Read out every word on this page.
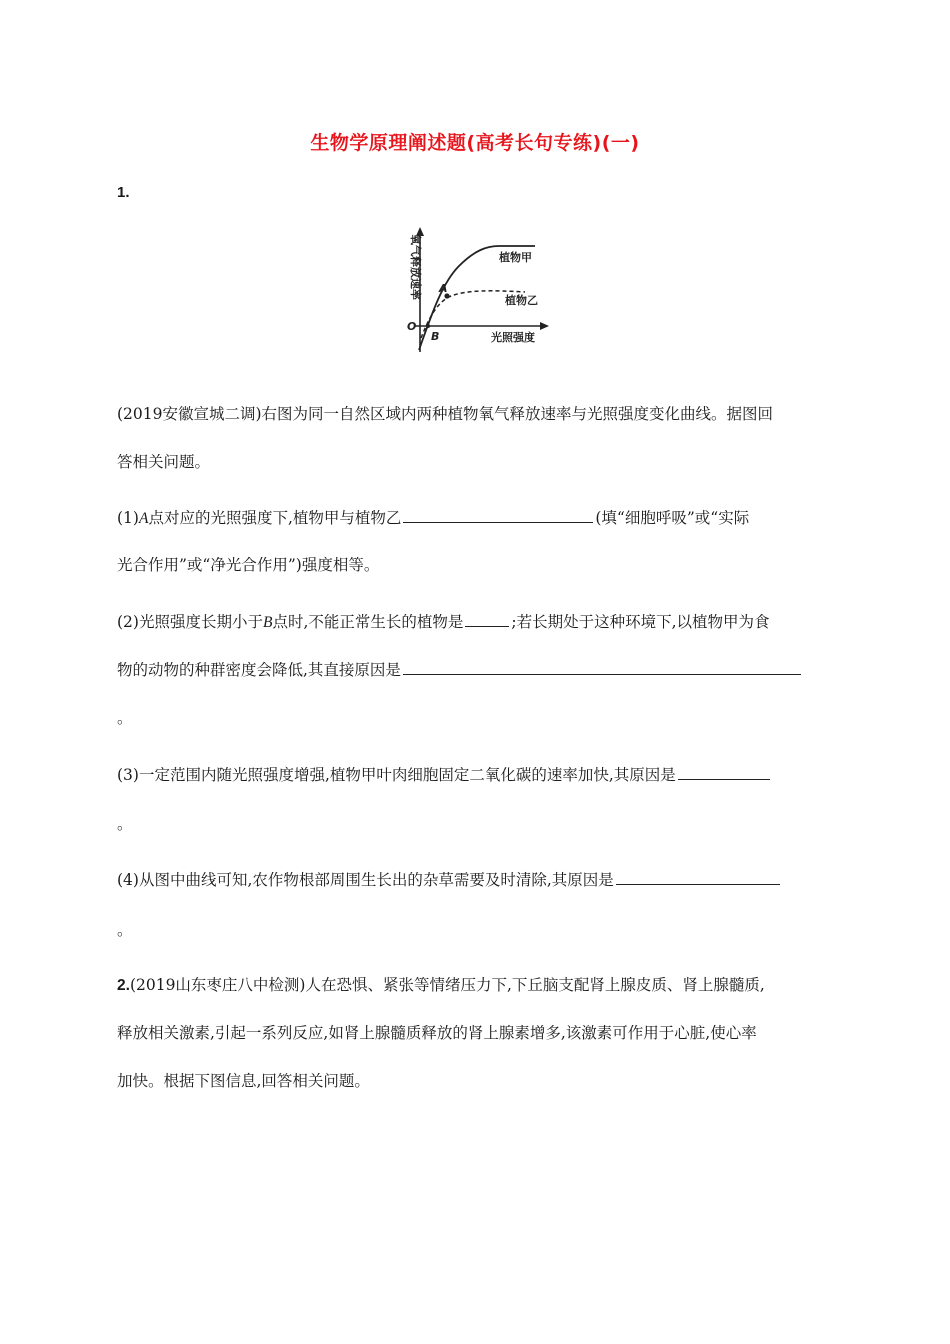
生物学原理阐述题(高考长句专练)(一)
1.
氧气释放速率
光照强度
植物甲
植物乙
A
B
O
(2019安徽宣城二调)右图为同一自然区域内两种植物氧气释放速率与光照强度变化曲线。据图回
答相关问题。
(1)A点对应的光照强度下,植物甲与植物乙	(填“细胞呼吸”或“实际
光合作用”或“净光合作用”)强度相等。
(2)光照强度长期小于B点时,不能正常生长的植物是	;若长期处于这种环境下,以植物甲为食
物的动物的种群密度会降低,其直接原因是
。
(3)一定范围内随光照强度增强,植物甲叶肉细胞固定二氧化碳的速率加快,其原因是
。
(4)从图中曲线可知,农作物根部周围生长出的杂草需要及时清除,其原因是
。
2.(2019山东枣庄八中检测)人在恐惧、紧张等情绪压力下,下丘脑支配肾上腺皮质、肾上腺髓质,
释放相关激素,引起一系列反应,如肾上腺髓质释放的肾上腺素增多,该激素可作用于心脏,使心率
加快。根据下图信息,回答相关问题。
